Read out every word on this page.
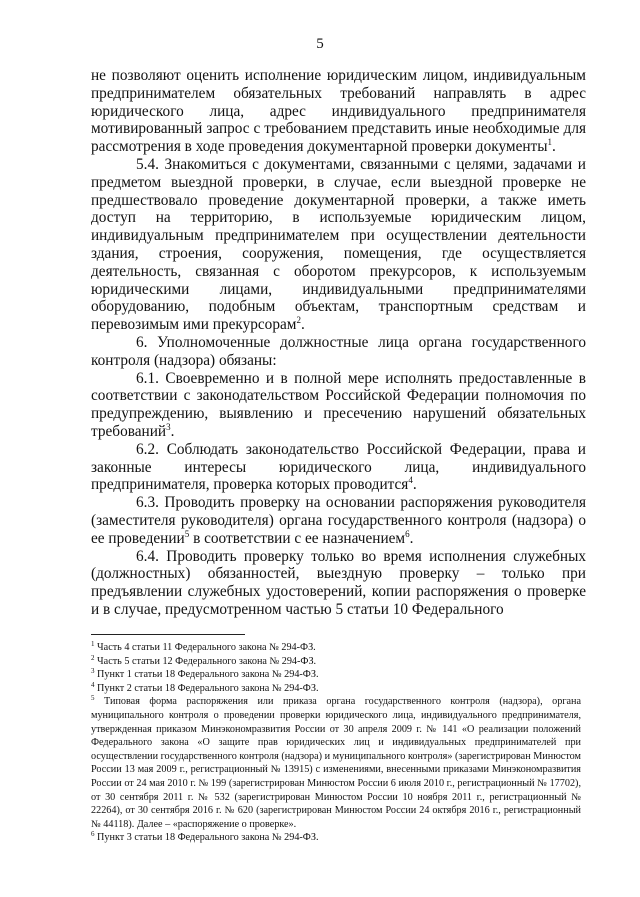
5

не позволяют оценить исполнение юридическим лицом, индивидуальным предпринимателем обязательных требований направлять в адрес юридического лица, адрес индивидуального предпринимателя мотивированный запрос с требованием представить иные необходимые для рассмотрения в ходе проведения документарной проверки документы$^1$.

5.4. Знакомиться с документами, связанными с целями, задачами и предметом выездной проверки, в случае, если выездной проверке не предшествовало проведение документарной проверки, а также иметь доступ на территорию, в используемые юридическим лицом, индивидуальным предпринимателем при осуществлении деятельности здания, строения, сооружения, помещения, где осуществляется деятельность, связанная с оборотом прекурсоров, к используемым юридическими лицами, индивидуальными предпринимателями оборудованию, подобным объектам, транспортным средствам и перевозимым ими прекурсорам$^2$.

6. Уполномоченные должностные лица органа государственного контроля (надзора) обязаны:

6.1. Своевременно и в полной мере исполнять предоставленные в соответствии с законодательством Российской Федерации полномочия по предупреждению, выявлению и пресечению нарушений обязательных требований$^3$.

6.2. Соблюдать законодательство Российской Федерации, права и законные интересы юридического лица, индивидуального предпринимателя, проверка которых проводится$^4$.

6.3. Проводить проверку на основании распоряжения руководителя (заместителя руководителя) органа государственного контроля (надзора) о ее проведении$^5$ в соответствии с ее назначением$^6$.

6.4. Проводить проверку только во время исполнения служебных (должностных) обязанностей, выездную проверку – только при предъявлении служебных удостоверений, копии распоряжения о проверке и в случае, предусмотренном частью 5 статьи 10 Федерального

$^1$ Часть 4 статьи 11 Федерального закона № 294-ФЗ.

$^2$ Часть 5 статьи 12 Федерального закона № 294-ФЗ.

$^3$ Пункт 1 статьи 18 Федерального закона № 294-ФЗ.

$^4$ Пункт 2 статьи 18 Федерального закона № 294-ФЗ.

$^5$ Типовая форма распоряжения или приказа органа государственного контроля (надзора), органа муниципального контроля о проведении проверки юридического лица, индивидуального предпринимателя, утвержденная приказом Минэкономразвития России от 30 апреля 2009 г. № 141 «О реализации положений Федерального закона «О защите прав юридических лиц и индивидуальных предпринимателей при осуществлении государственного контроля (надзора) и муниципального контроля» (зарегистрирован Минюстом России 13 мая 2009 г., регистрационный № 13915) с изменениями, внесенными приказами Минэкономразвития России от 24 мая 2010 г. № 199 (зарегистрирован Минюстом России 6 июля 2010 г., регистрационный № 17702), от 30 сентября 2011 г. № 532 (зарегистрирован Минюстом России 10 ноября 2011 г., регистрационный № 22264), от 30 сентября 2016 г. № 620 (зарегистрирован Минюстом России 24 октября 2016 г., регистрационный № 44118). Далее – «распоряжение о проверке».

$^6$ Пункт 3 статьи 18 Федерального закона № 294-ФЗ.
